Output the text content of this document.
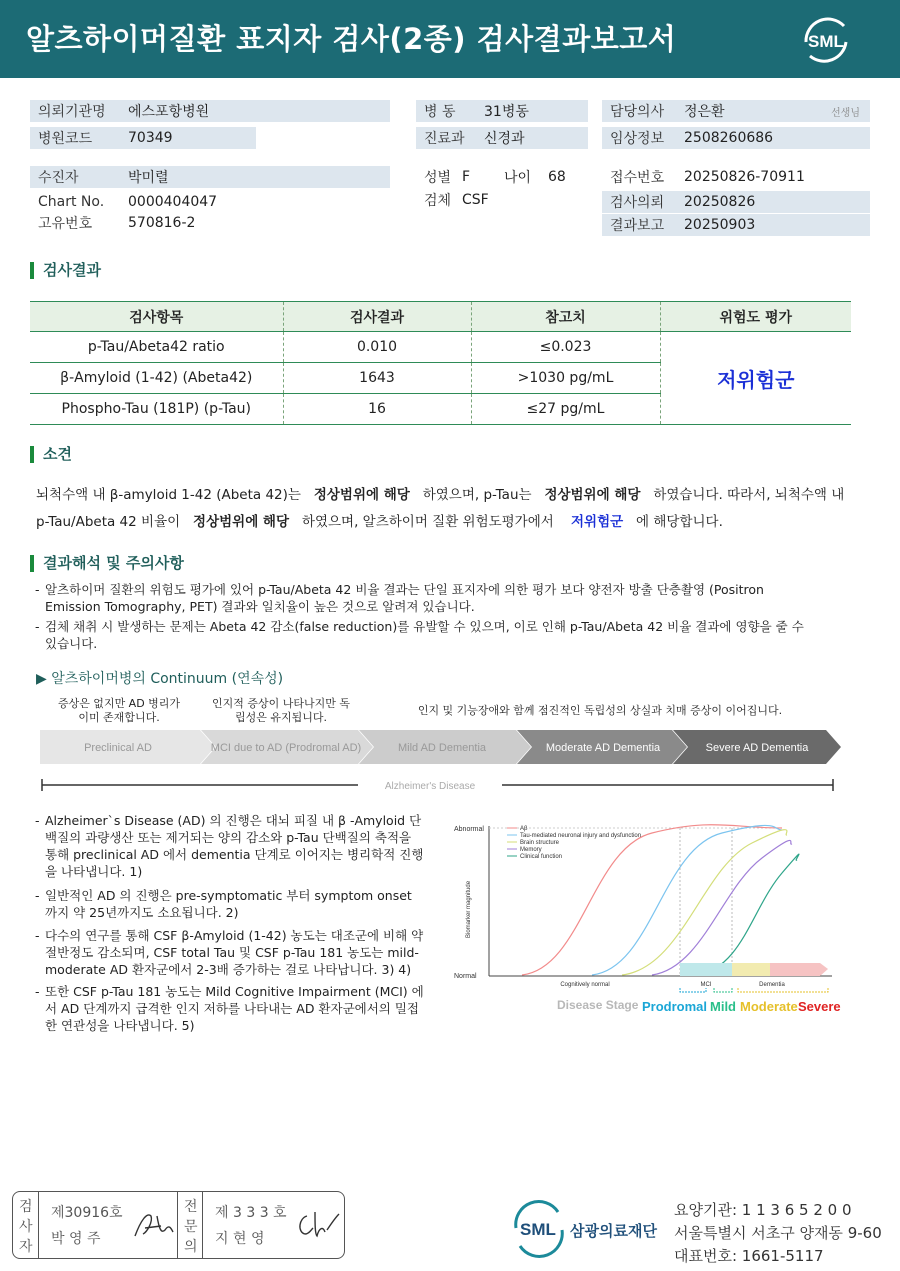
알츠하이머질환 표지자 검사(2종) 검사결과보고서	SML
의뢰기관명 에스포항병원
병원코드	70349
수진자	박미렬
Chart No. 0000404047
고유번호	570816-2
병 동 31병동
진료과 신경과
성별 F 나이 68
검체 CSF
담당의사 정은환	선생님
임상정보 2508260686
접수번호 20250826-70911
검사의뢰 20250826
결과보고 20250903
검사결과
검사항목	검사결과	참고치	위험도 평가
p-Tau/Abeta42 ratio	0.010	≤0.023	저위험군
β-Amyloid (1-42) (Abeta42)	1643	>1030 pg/mL	
Phospho-Tau (181P) (p-Tau)	16	≤27 pg/mL	
소견
뇌척수액 내 β-amyloid 1-42 (Abeta 42)는 정상범위에 해당 하였으며, p-Tau는 정상범위에 해당 하였습니다. 따라서, 뇌척수액 내
p-Tau/Abeta 42 비율이 정상범위에 해당 하였으며, 알츠하이머 질환 위험도평가에서 저위험군 에 해당합니다.
결과해석 및 주의사항
- 알츠하이머 질환의 위험도 평가에 있어 p-Tau/Abeta 42 비율 결과는 단일 표지자에 의한 평가 보다 양전자 방출 단층촬영 (Positron Emission Tomography, PET) 결과와 일치율이 높은 것으로 알려져 있습니다.
- 검체 채취 시 발생하는 문제는 Abeta 42 감소(false reduction)를 유발할 수 있으며, 이로 인해 p-Tau/Abeta 42 비율 결과에 영향을 줄 수 있습니다.
▶ 알츠하이머병의 Continuum (연속성)
증상은 없지만 AD 병리가 이미 존재합니다.
인지적 증상이 나타나지만 독립성은 유지됩니다.
인지 및 기능장애와 함께 점진적인 독립성의 상실과 치매 증상이 이어집니다.
Preclinical AD	MCI due to AD (Prodromal AD)	Mild AD Dementia	Moderate AD Dementia	Severe AD Dementia
Alzheimer's Disease
- Alzheimer`s Disease (AD) 의 진행은 대뇌 피질 내 β -Amyloid 단백질의 과량생산 또는 제거되는 양의 감소와 p-Tau 단백질의 축적을 통해 preclinical AD 에서 dementia 단계로 이어지는 병리학적 진행을 나타냅니다. 1)
- 일반적인 AD 의 진행은 pre-symptomatic 부터 symptom onset 까지 약 25년까지도 소요됩니다. 2)
- 다수의 연구를 통해 CSF β-Amyloid (1-42) 농도는 대조군에 비해 약 절반정도 감소되며, CSF total Tau 및 CSF p-Tau 181 농도는 mild-moderate AD 환자군에서 2-3배 증가하는 걸로 나타납니다. 3) 4)
- 또한 CSF p-Tau 181 농도는 Mild Cognitive Impairment (MCI) 에서 AD 단계까지 급격한 인지 저하를 나타내는 AD 환자군에서의 밀접한 연관성을 나타냅니다. 5)
Abnormal
Normal
Biomarker magnitude
Aβ
Tau-mediated neuronal injury and dysfunction
Brain structure
Memory
Clinical function
Cognitively normal	MCI	Dementia
Disease Stage Prodromal Mild Moderate Severe
검
사
자
제30916호
박 영 주
전
문
의
제 3 3 3 호
지 현 영	SML 삼광의료재단
요양기관: 1 1 3 6 5 2 0 0
서울특별시 서초구 양재동 9-60
대표번호: 1661-5117
